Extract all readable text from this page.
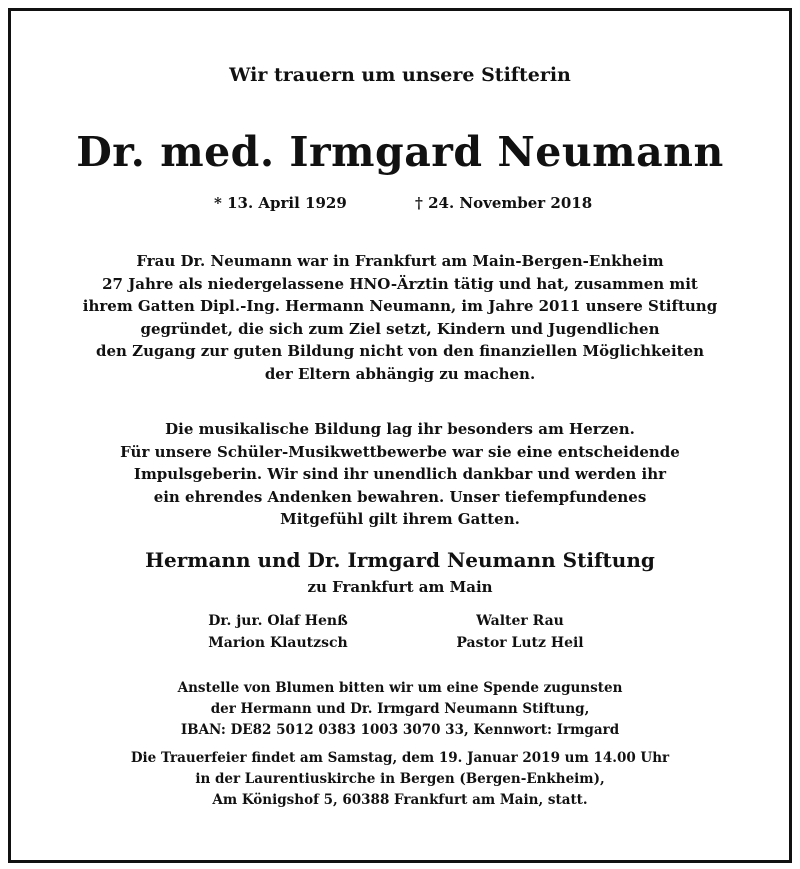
Wir trauern um unsere Stifterin
Dr. med. Irmgard Neumann
* 13. April 1929	† 24. November 2018
Frau Dr. Neumann war in Frankfurt am Main-Bergen-Enkheim
27 Jahre als niedergelassene HNO-Ärztin tätig und hat, zusammen mit
ihrem Gatten Dipl.-Ing. Hermann Neumann, im Jahre 2011 unsere Stiftung
gegründet, die sich zum Ziel setzt, Kindern und Jugendlichen
den Zugang zur guten Bildung nicht von den finanziellen Möglichkeiten
der Eltern abhängig zu machen.
Die musikalische Bildung lag ihr besonders am Herzen.
Für unsere Schüler-Musikwettbewerbe war sie eine entscheidende
Impulsgeberin. Wir sind ihr unendlich dankbar und werden ihr
ein ehrendes Andenken bewahren. Unser tiefempfundenes
Mitgefühl gilt ihrem Gatten.
Hermann und Dr. Irmgard Neumann Stiftung
zu Frankfurt am Main
Dr. jur. Olaf Henß
Marion Klautzsch
Walter Rau
Pastor Lutz Heil
Anstelle von Blumen bitten wir um eine Spende zugunsten
der Hermann und Dr. Irmgard Neumann Stiftung,
IBAN: DE82 5012 0383 1003 3070 33, Kennwort: Irmgard
Die Trauerfeier findet am Samstag, dem 19. Januar 2019 um 14.00 Uhr
in der Laurentiuskirche in Bergen (Bergen-Enkheim),
Am Königshof 5, 60388 Frankfurt am Main, statt.
